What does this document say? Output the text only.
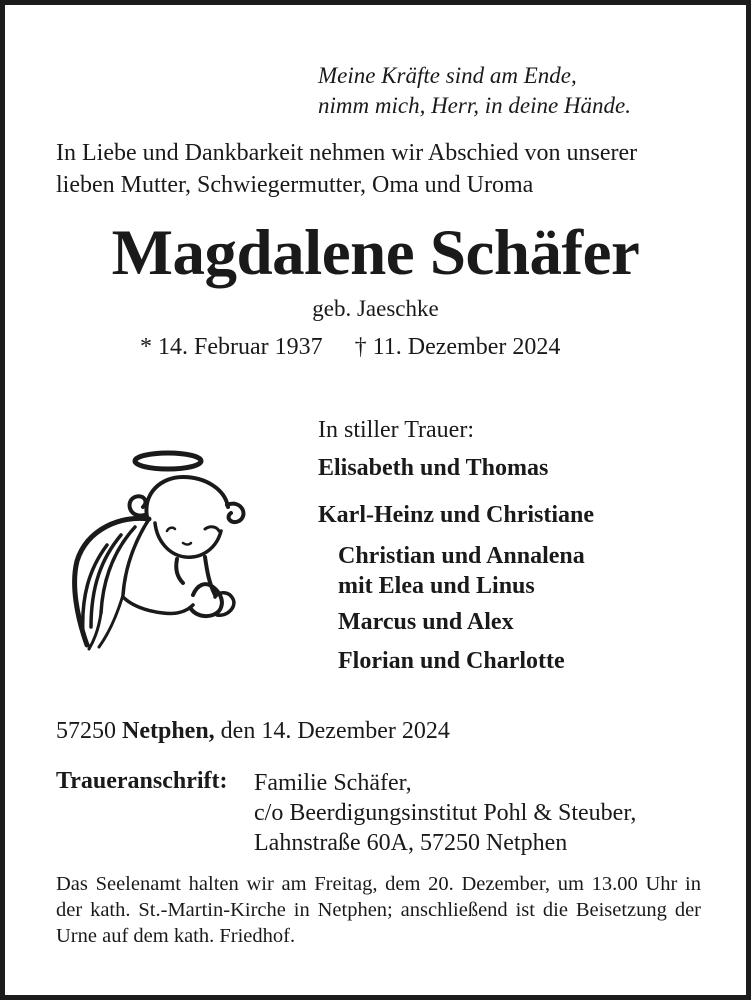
Meine Kräfte sind am Ende,
nimm mich, Herr, in deine Hände.
In Liebe und Dankbarkeit nehmen wir Abschied von unserer
lieben Mutter, Schwiegermutter, Oma und Uroma
Magdalene Schäfer
geb. Jaeschke
* 14. Februar 1937 † 11. Dezember 2024
In stiller Trauer:
Elisabeth und Thomas
Karl-Heinz und Christiane
Christian und Annalena
mit Elea und Linus
Marcus und Alex
Florian und Charlotte
57250 Netphen, den 14. Dezember 2024
Traueranschrift: Familie Schäfer,
c/o Beerdigungsinstitut Pohl & Steuber,
Lahnstraße 60A, 57250 Netphen
Das Seelenamt halten wir am Freitag, dem 20. Dezember, um 13.00 Uhr in der kath. St.-Martin-Kirche in Netphen; anschließend ist die Beisetzung der Urne auf dem kath. Friedhof.
